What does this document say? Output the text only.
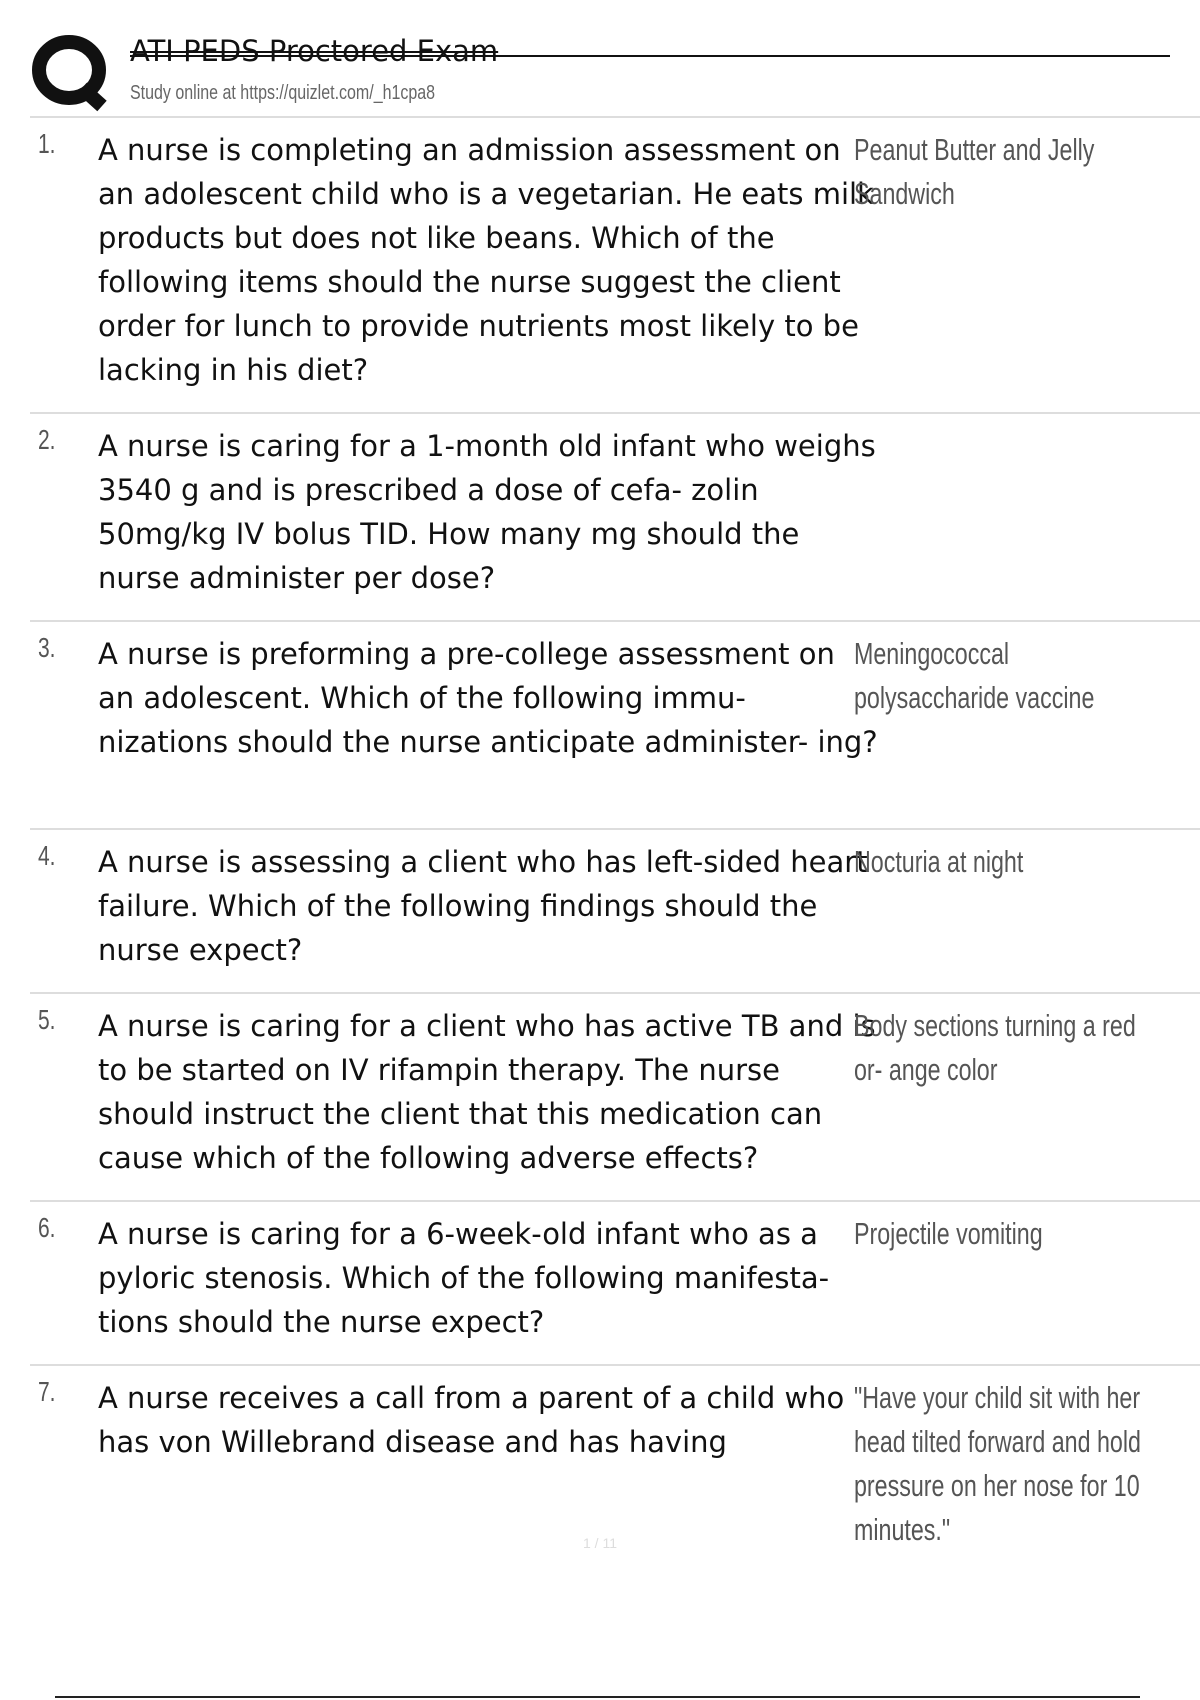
ATI PEDS Proctored Exam
Study online at https://quizlet.com/_h1cpa8
1. A nurse is completing an admission assessment on an adolescent child who is a vegetarian. He eats milk products but does not like beans. Which of the following items should the nurse suggest the client order for lunch to provide nutrients most likely to be lacking in his diet?
Peanut Butter and Jelly Sandwich
2. A nurse is caring for a 1-month old infant who weighs 3540 g and is prescribed a dose of cefa- zolin 50mg/kg IV bolus TID. How many mg should the nurse administer per dose?
3. A nurse is preforming a pre-college assessment on an adolescent. Which of the following immu- nizations should the nurse anticipate administer- ing?
Meningococcal polysaccharide vaccine
4. A nurse is assessing a client who has left-sided heart failure. Which of the following findings should the nurse expect?
Nocturia at night
5. A nurse is caring for a client who has active TB and is to be started on IV rifampin therapy. The nurse should instruct the client that this medication can cause which of the following adverse effects?
Body sections turning a red or- ange color
6. A nurse is caring for a 6-week-old infant who as a pyloric stenosis. Which of the following manifesta- tions should the nurse expect?
Projectile vomiting
7. A nurse receives a call from a parent of a child who has von Willebrand disease and has having
"Have your child sit with her head tilted forward and hold pressure on her nose for 10 minutes."
1 / 11
